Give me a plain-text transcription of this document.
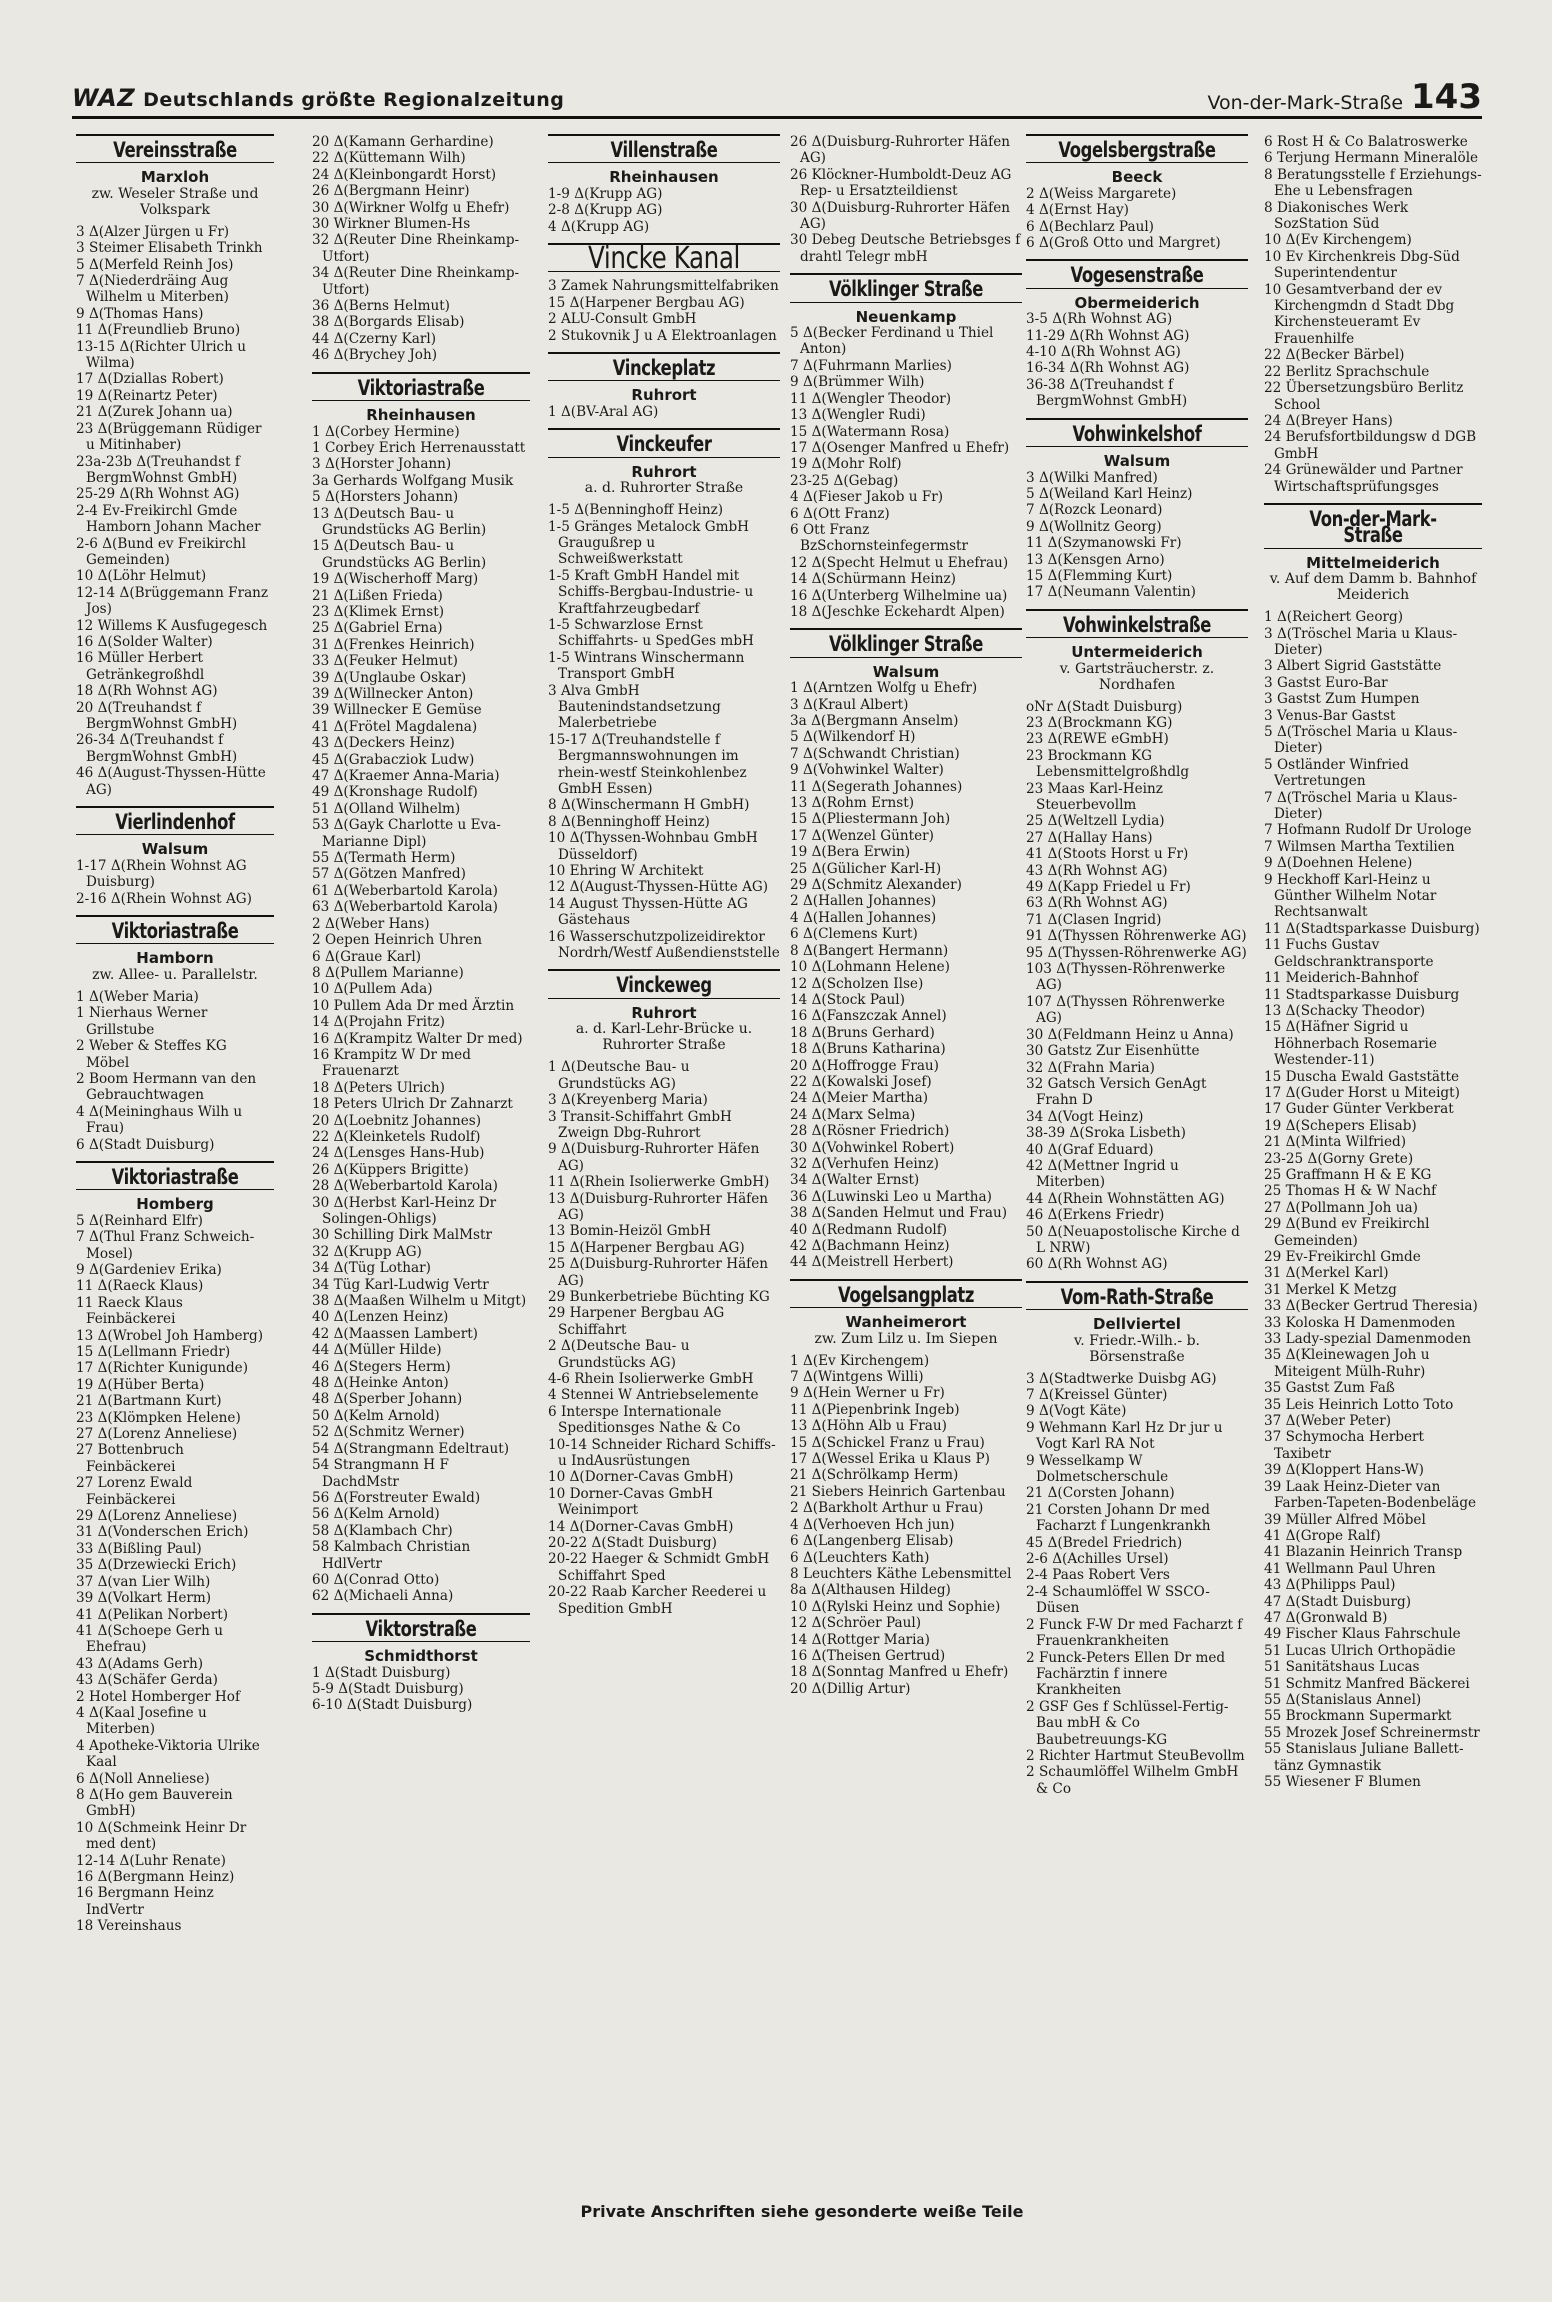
WAZ Deutschlands größte Regionalzeitung	Von-der-Mark-Straße 143
Vereinsstraße
Marxloh
zw. Weseler Straße und Volkspark

3 Δ(Alzer Jürgen u Fr)

3 Steimer Elisabeth Trinkh

5 Δ(Merfeld Reinh Jos)

7 Δ(Niederdräing Aug Wilhelm u Miterben)

9 Δ(Thomas Hans)

11 Δ(Freundlieb Bruno)

13-15 Δ(Richter Ulrich u Wilma)

17 Δ(Dziallas Robert)

19 Δ(Reinartz Peter)

21 Δ(Zurek Johann ua)

23 Δ(Brüggemann Rüdiger u Mitinhaber)

23a-23b Δ(Treuhandst f BergmWohnst GmbH)

25-29 Δ(Rh Wohnst AG)

2-4 Ev-Freikirchl Gmde Hamborn Johann Macher

2-6 Δ(Bund ev Freikirchl Gemeinden)

10 Δ(Löhr Helmut)

12-14 Δ(Brüggemann Franz Jos)

12 Willems K Ausfugegesch

16 Δ(Solder Walter)

16 Müller Herbert Getränkegroßhdl

18 Δ(Rh Wohnst AG)

20 Δ(Treuhandst f BergmWohnst GmbH)

26-34 Δ(Treuhandst f BergmWohnst GmbH)

46 Δ(August-Thyssen-Hütte AG)

Vierlindenhof
Walsum

1-17 Δ(Rhein Wohnst AG Duisburg)

2-16 Δ(Rhein Wohnst AG)

Viktoriastraße
Hamborn
zw. Allee- u. Parallelstr.

1 Δ(Weber Maria)

1 Nierhaus Werner Grillstube

2 Weber & Steffes KG Möbel

2 Boom Hermann van den Gebrauchtwagen

4 Δ(Meininghaus Wilh u Frau)

6 Δ(Stadt Duisburg)

Viktoriastraße
Homberg

5 Δ(Reinhard Elfr)

7 Δ(Thul Franz Schweich-Mosel)

9 Δ(Gardeniev Erika)

11 Δ(Raeck Klaus)

11 Raeck Klaus Feinbäckerei

13 Δ(Wrobel Joh Hamberg)

15 Δ(Lellmann Friedr)

17 Δ(Richter Kunigunde)

19 Δ(Hüber Berta)

21 Δ(Bartmann Kurt)

23 Δ(Klömpken Helene)

27 Δ(Lorenz Anneliese)

27 Bottenbruch Feinbäckerei

27 Lorenz Ewald Feinbäckerei

29 Δ(Lorenz Anneliese)

31 Δ(Vonderschen Erich)

33 Δ(Bißling Paul)

35 Δ(Drzewiecki Erich)

37 Δ(van Lier Wilh)

39 Δ(Volkart Herm)

41 Δ(Pelikan Norbert)

41 Δ(Schoepe Gerh u Ehefrau)

43 Δ(Adams Gerh)

43 Δ(Schäfer Gerda)

2 Hotel Homberger Hof

4 Δ(Kaal Josefine u Miterben)

4 Apotheke-Viktoria Ulrike Kaal

6 Δ(Noll Anneliese)

8 Δ(Ho gem Bauverein GmbH)

10 Δ(Schmeink Heinr Dr med dent)

12-14 Δ(Luhr Renate)

16 Δ(Bergmann Heinz)

16 Bergmann Heinz IndVertr

18 Vereinshaus

20 Δ(Kamann Gerhardine)

22 Δ(Küttemann Wilh)

24 Δ(Kleinbongardt Horst)

26 Δ(Bergmann Heinr)

30 Δ(Wirkner Wolfg u Ehefr)

30 Wirkner Blumen-Hs

32 Δ(Reuter Dine Rheinkamp-Utfort)

34 Δ(Reuter Dine Rheinkamp-Utfort)

36 Δ(Berns Helmut)

38 Δ(Borgards Elisab)

44 Δ(Czerny Karl)

46 Δ(Brychey Joh)

Viktoriastraße
Rheinhausen

1 Δ(Corbey Hermine)

1 Corbey Erich Herrenausstatt

3 Δ(Horster Johann)

3a Gerhards Wolfgang Musik

5 Δ(Horsters Johann)

13 Δ(Deutsch Bau- u Grundstücks AG Berlin)

15 Δ(Deutsch Bau- u Grundstücks AG Berlin)

19 Δ(Wischerhoff Marg)

21 Δ(Lißen Frieda)

23 Δ(Klimek Ernst)

25 Δ(Gabriel Erna)

31 Δ(Frenkes Heinrich)

33 Δ(Feuker Helmut)

39 Δ(Unglaube Oskar)

39 Δ(Willnecker Anton)

39 Willnecker E Gemüse

41 Δ(Frötel Magdalena)

43 Δ(Deckers Heinz)

45 Δ(Grabacziok Ludw)

47 Δ(Kraemer Anna-Maria)

49 Δ(Kronshage Rudolf)

51 Δ(Olland Wilhelm)

53 Δ(Gayk Charlotte u Eva-Marianne Dipl)

55 Δ(Termath Herm)

57 Δ(Götzen Manfred)

61 Δ(Weberbartold Karola)

63 Δ(Weberbartold Karola)

2 Δ(Weber Hans)

2 Oepen Heinrich Uhren

6 Δ(Graue Karl)

8 Δ(Pullem Marianne)

10 Δ(Pullem Ada)

10 Pullem Ada Dr med Ärztin

14 Δ(Projahn Fritz)

16 Δ(Krampitz Walter Dr med)

16 Krampitz W Dr med Frauenarzt

18 Δ(Peters Ulrich)

18 Peters Ulrich Dr Zahnarzt

20 Δ(Loebnitz Johannes)

22 Δ(Kleinketels Rudolf)

24 Δ(Lensges Hans-Hub)

26 Δ(Küppers Brigitte)

28 Δ(Weberbartold Karola)

30 Δ(Herbst Karl-Heinz Dr Solingen-Ohligs)

30 Schilling Dirk MalMstr

32 Δ(Krupp AG)

34 Δ(Tüg Lothar)

34 Tüg Karl-Ludwig Vertr

38 Δ(Maaßen Wilhelm u Mitgt)

40 Δ(Lenzen Heinz)

42 Δ(Maassen Lambert)

44 Δ(Müller Hilde)

46 Δ(Stegers Herm)

48 Δ(Heinke Anton)

48 Δ(Sperber Johann)

50 Δ(Kelm Arnold)

52 Δ(Schmitz Werner)

54 Δ(Strangmann Edeltraut)

54 Strangmann H F DachdMstr

56 Δ(Forstreuter Ewald)

56 Δ(Kelm Arnold)

58 Δ(Klambach Chr)

58 Kalmbach Christian HdlVertr

60 Δ(Conrad Otto)

62 Δ(Michaeli Anna)

Viktorstraße
Schmidthorst

1 Δ(Stadt Duisburg)

5-9 Δ(Stadt Duisburg)

6-10 Δ(Stadt Duisburg)

Villenstraße
Rheinhausen

1-9 Δ(Krupp AG)

2-8 Δ(Krupp AG)

4 Δ(Krupp AG)

Vincke Kanal

3 Zamek Nahrungsmittelfabriken

15 Δ(Harpener Bergbau AG)

2 ALU-Consult GmbH

2 Stukovnik J u A Elektroanlagen

Vinckeplatz
Ruhrort

1 Δ(BV-Aral AG)

Vinckeufer
Ruhrort
a. d. Ruhrorter Straße

1-5 Δ(Benninghoff Heinz)

1-5 Gränges Metalock GmbH Graugußrep u Schweißwerkstatt

1-5 Kraft GmbH Handel mit Schiffs-Bergbau-Industrie- u Kraftfahrzeugbedarf

1-5 Schwarzlose Ernst Schiffahrts- u SpedGes mbH

1-5 Wintrans Winschermann Transport GmbH

3 Alva GmbH Bautenindstandsetzung Malerbetriebe

15-17 Δ(Treuhandstelle f Bergmannswohnungen im rhein-westf Steinkohlenbez GmbH Essen)

8 Δ(Winschermann H GmbH)

8 Δ(Benninghoff Heinz)

10 Δ(Thyssen-Wohnbau GmbH Düsseldorf)

10 Ehring W Architekt

12 Δ(August-Thyssen-Hütte AG)

14 August Thyssen-Hütte AG Gästehaus

16 Wasserschutzpolizeidirektor Nordrh/Westf Außendienststelle

Vinckeweg
Ruhrort
a. d. Karl-Lehr-Brücke u. Ruhrorter Straße

1 Δ(Deutsche Bau- u Grundstücks AG)

3 Δ(Kreyenberg Maria)

3 Transit-Schiffahrt GmbH Zweign Dbg-Ruhrort

9 Δ(Duisburg-Ruhrorter Häfen AG)

11 Δ(Rhein Isolierwerke GmbH)

13 Δ(Duisburg-Ruhrorter Häfen AG)

13 Bomin-Heizöl GmbH

15 Δ(Harpener Bergbau AG)

25 Δ(Duisburg-Ruhrorter Häfen AG)

29 Bunkerbetriebe Büchting KG

29 Harpener Bergbau AG Schiffahrt

2 Δ(Deutsche Bau- u Grundstücks AG)

4-6 Rhein Isolierwerke GmbH

4 Stennei W Antriebselemente

6 Interspe Internationale Speditionsges Nathe & Co

10-14 Schneider Richard Schiffs- u IndAusrüstungen

10 Δ(Dorner-Cavas GmbH)

10 Dorner-Cavas GmbH Weinimport

14 Δ(Dorner-Cavas GmbH)

20-22 Δ(Stadt Duisburg)

20-22 Haeger & Schmidt GmbH Schiffahrt Sped

20-22 Raab Karcher Reederei u Spedition GmbH

26 Δ(Duisburg-Ruhrorter Häfen AG)

26 Klöckner-Humboldt-Deuz AG Rep- u Ersatzteildienst

30 Δ(Duisburg-Ruhrorter Häfen AG)

30 Debeg Deutsche Betriebsges f drahtl Telegr mbH

Völklinger Straße
Neuenkamp

5 Δ(Becker Ferdinand u Thiel Anton)

7 Δ(Fuhrmann Marlies)

9 Δ(Brümmer Wilh)

11 Δ(Wengler Theodor)

13 Δ(Wengler Rudi)

15 Δ(Watermann Rosa)

17 Δ(Osenger Manfred u Ehefr)

19 Δ(Mohr Rolf)

23-25 Δ(Gebag)

4 Δ(Fieser Jakob u Fr)

6 Δ(Ott Franz)

6 Ott Franz BzSchornsteinfegermstr

12 Δ(Specht Helmut u Ehefrau)

14 Δ(Schürmann Heinz)

16 Δ(Unterberg Wilhelmine ua)

18 Δ(Jeschke Eckehardt Alpen)

Völklinger Straße
Walsum

1 Δ(Arntzen Wolfg u Ehefr)

3 Δ(Kraul Albert)

3a Δ(Bergmann Anselm)

5 Δ(Wilkendorf H)

7 Δ(Schwandt Christian)

9 Δ(Vohwinkel Walter)

11 Δ(Segerath Johannes)

13 Δ(Rohm Ernst)

15 Δ(Pliestermann Joh)

17 Δ(Wenzel Günter)

19 Δ(Bera Erwin)

25 Δ(Gülicher Karl-H)

29 Δ(Schmitz Alexander)

2 Δ(Hallen Johannes)

4 Δ(Hallen Johannes)

6 Δ(Clemens Kurt)

8 Δ(Bangert Hermann)

10 Δ(Lohmann Helene)

12 Δ(Scholzen Ilse)

14 Δ(Stock Paul)

16 Δ(Fanszczak Annel)

18 Δ(Bruns Gerhard)

18 Δ(Bruns Katharina)

20 Δ(Hoffrogge Frau)

22 Δ(Kowalski Josef)

24 Δ(Meier Martha)

24 Δ(Marx Selma)

28 Δ(Rösner Friedrich)

30 Δ(Vohwinkel Robert)

32 Δ(Verhufen Heinz)

34 Δ(Walter Ernst)

36 Δ(Luwinski Leo u Martha)

38 Δ(Sanden Helmut und Frau)

40 Δ(Redmann Rudolf)

42 Δ(Bachmann Heinz)

44 Δ(Meistrell Herbert)

Vogelsangplatz
Wanheimerort
zw. Zum Lilz u. Im Siepen

1 Δ(Ev Kirchengem)

7 Δ(Wintgens Willi)

9 Δ(Hein Werner u Fr)

11 Δ(Piepenbrink Ingeb)

13 Δ(Höhn Alb u Frau)

15 Δ(Schickel Franz u Frau)

17 Δ(Wessel Erika u Klaus P)

21 Δ(Schrölkamp Herm)

21 Siebers Heinrich Gartenbau

2 Δ(Barkholt Arthur u Frau)

4 Δ(Verhoeven Hch jun)

6 Δ(Langenberg Elisab)

6 Δ(Leuchters Kath)

8 Leuchters Käthe Lebensmittel

8a Δ(Althausen Hildeg)

10 Δ(Rylski Heinz und Sophie)

12 Δ(Schröer Paul)

14 Δ(Rottger Maria)

16 Δ(Theisen Gertrud)

18 Δ(Sonntag Manfred u Ehefr)

20 Δ(Dillig Artur)

Vogelsbergstraße
Beeck

2 Δ(Weiss Margarete)

4 Δ(Ernst Hay)

6 Δ(Bechlarz Paul)

6 Δ(Groß Otto und Margret)

Vogesenstraße
Obermeiderich

3-5 Δ(Rh Wohnst AG)

11-29 Δ(Rh Wohnst AG)

4-10 Δ(Rh Wohnst AG)

16-34 Δ(Rh Wohnst AG)

36-38 Δ(Treuhandst f BergmWohnst GmbH)

Vohwinkelshof
Walsum

3 Δ(Wilki Manfred)

5 Δ(Weiland Karl Heinz)

7 Δ(Rozck Leonard)

9 Δ(Wollnitz Georg)

11 Δ(Szymanowski Fr)

13 Δ(Kensgen Arno)

15 Δ(Flemming Kurt)

17 Δ(Neumann Valentin)

Vohwinkelstraße
Untermeiderich
v. Gartsträucherstr. z. Nordhafen

oNr Δ(Stadt Duisburg)

23 Δ(Brockmann KG)

23 Δ(REWE eGmbH)

23 Brockmann KG Lebensmittelgroßhdlg

23 Maas Karl-Heinz Steuerbevollm

25 Δ(Weltzell Lydia)

27 Δ(Hallay Hans)

41 Δ(Stoots Horst u Fr)

43 Δ(Rh Wohnst AG)

49 Δ(Kapp Friedel u Fr)

63 Δ(Rh Wohnst AG)

71 Δ(Clasen Ingrid)

91 Δ(Thyssen Röhrenwerke AG)

95 Δ(Thyssen-Röhrenwerke AG)

103 Δ(Thyssen-Röhrenwerke AG)

107 Δ(Thyssen Röhrenwerke AG)

30 Δ(Feldmann Heinz u Anna)

30 Gatstz Zur Eisenhütte

32 Δ(Frahn Maria)

32 Gatsch Versich GenAgt Frahn D

34 Δ(Vogt Heinz)

38-39 Δ(Sroka Lisbeth)

40 Δ(Graf Eduard)

42 Δ(Mettner Ingrid u Miterben)

44 Δ(Rhein Wohnstätten AG)

46 Δ(Erkens Friedr)

50 Δ(Neuapostolische Kirche d L NRW)

60 Δ(Rh Wohnst AG)

Vom-Rath-Straße
Dellviertel
v. Friedr.-Wilh.- b. Börsenstraße

3 Δ(Stadtwerke Duisbg AG)

7 Δ(Kreissel Günter)

9 Δ(Vogt Käte)

9 Wehmann Karl Hz Dr jur u Vogt Karl RA Not

9 Wesselkamp W Dolmetscherschule

21 Δ(Corsten Johann)

21 Corsten Johann Dr med Facharzt f Lungenkrankh

45 Δ(Bredel Friedrich)

2-6 Δ(Achilles Ursel)

2-4 Paas Robert Vers

2-4 Schaumlöffel W SSCO-Düsen

2 Funck F-W Dr med Facharzt f Frauenkrankheiten

2 Funck-Peters Ellen Dr med Fachärztin f innere Krankheiten

2 GSF Ges f Schlüssel-Fertig-Bau mbH & Co Baubetreuungs-KG

2 Richter Hartmut SteuBevollm

2 Schaumlöffel Wilhelm GmbH & Co

6 Rost H & Co Balatroswerke

6 Terjung Hermann Mineralöle

8 Beratungsstelle f Erziehungs- Ehe u Lebensfragen

8 Diakonisches Werk SozStation Süd

10 Δ(Ev Kirchengem)

10 Ev Kirchenkreis Dbg-Süd Superintendentur

10 Gesamtverband der ev Kirchengmdn d Stadt Dbg Kirchensteueramt Ev Frauenhilfe

22 Δ(Becker Bärbel)

22 Berlitz Sprachschule

22 Übersetzungsbüro Berlitz School

24 Δ(Breyer Hans)

24 Berufsfortbildungsw d DGB GmbH

24 Grünewälder und Partner Wirtschaftsprüfungsges

Von-der-Mark-Straße
Mittelmeiderich
v. Auf dem Damm b. Bahnhof Meiderich

1 Δ(Reichert Georg)

3 Δ(Tröschel Maria u Klaus-Dieter)

3 Albert Sigrid Gaststätte

3 Gastst Euro-Bar

3 Gastst Zum Humpen

3 Venus-Bar Gastst

5 Δ(Tröschel Maria u Klaus-Dieter)

5 Ostländer Winfried Vertretungen

7 Δ(Tröschel Maria u Klaus-Dieter)

7 Hofmann Rudolf Dr Urologe

7 Wilmsen Martha Textilien

9 Δ(Doehnen Helene)

9 Heckhoff Karl-Heinz u Günther Wilhelm Notar Rechtsanwalt

11 Δ(Stadtsparkasse Duisburg)

11 Fuchs Gustav Geldschranktransporte

11 Meiderich-Bahnhof

11 Stadtsparkasse Duisburg

13 Δ(Schacky Theodor)

15 Δ(Häfner Sigrid u Höhnerbach Rosemarie Westender-11)

15 Duscha Ewald Gaststätte

17 Δ(Guder Horst u Miteigt)

17 Guder Günter Verkberat

19 Δ(Schepers Elisab)

21 Δ(Minta Wilfried)

23-25 Δ(Gorny Grete)

25 Graffmann H & E KG

25 Thomas H & W Nachf

27 Δ(Pollmann Joh ua)

29 Δ(Bund ev Freikirchl Gemeinden)

29 Ev-Freikirchl Gmde

31 Δ(Merkel Karl)

31 Merkel K Metzg

33 Δ(Becker Gertrud Theresia)

33 Koloska H Damenmoden

33 Lady-spezial Damenmoden

35 Δ(Kleinewagen Joh u Miteigent Mülh-Ruhr)

35 Gastst Zum Faß

35 Leis Heinrich Lotto Toto

37 Δ(Weber Peter)

37 Schymocha Herbert Taxibetr

39 Δ(Kloppert Hans-W)

39 Laak Heinz-Dieter van Farben-Tapeten-Bodenbeläge

39 Müller Alfred Möbel

41 Δ(Grope Ralf)

41 Blazanin Heinrich Transp

41 Wellmann Paul Uhren

43 Δ(Philipps Paul)

47 Δ(Stadt Duisburg)

47 Δ(Gronwald B)

49 Fischer Klaus Fahrschule

51 Lucas Ulrich Orthopädie

51 Sanitätshaus Lucas

51 Schmitz Manfred Bäckerei

55 Δ(Stanislaus Annel)

55 Brockmann Supermarkt

55 Mrozek Josef Schreinermstr

55 Stanislaus Juliane Ballett-tänz Gymnastik

55 Wiesener F Blumen

Private Anschriften siehe gesonderte weiße Teile
